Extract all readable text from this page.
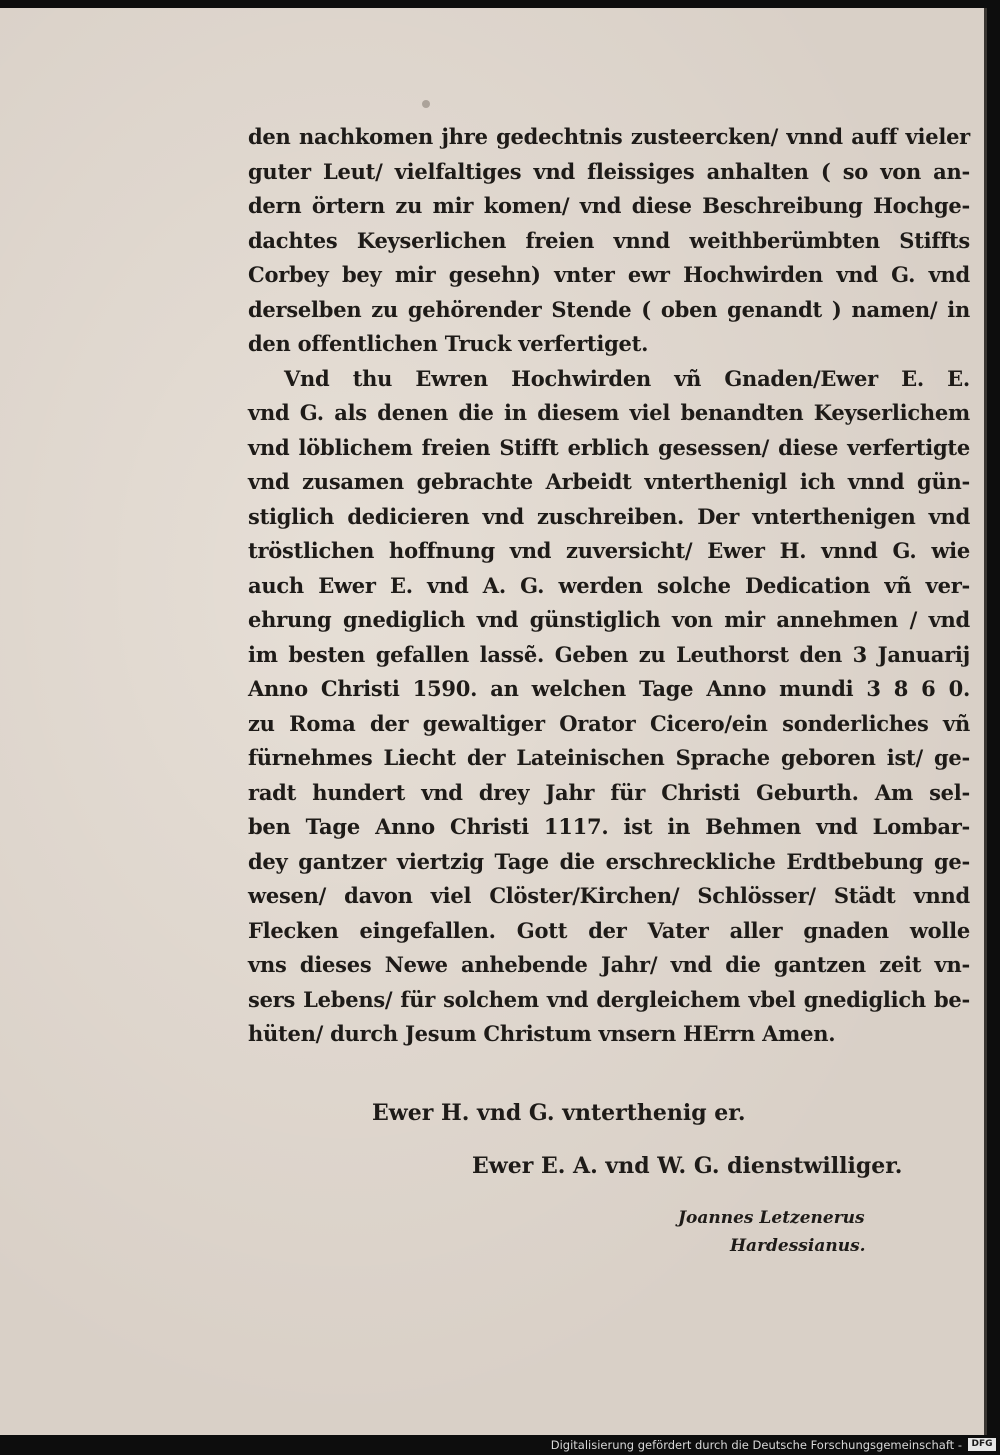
den nachkomen jhre gedechtnis zusteercken/ vnnd auff vieler
guter Leut/ vielfaltiges vnd fleissiges anhalten ( so von an-
dern örtern zu mir komen/ vnd diese Beschreibung Hochge-
dachtes Keyserlichen freien vnnd weithberümbten Stiffts
Corbey bey mir gesehn) vnter ewr Hochwirden vnd G. vnd
derselben zu gehörender Stende ( oben genandt ) namen/ in
den offentlichen Truck verfertiget.
Vnd thu Ewren Hochwirden vñ Gnaden/Ewer E. E.
vnd G. als denen die in diesem viel benandten Keyserlichem
vnd löblichem freien Stifft erblich gesessen/ diese verfertigte
vnd zusamen gebrachte Arbeidt vnterthenigl ich vnnd gün-
stiglich dedicieren vnd zuschreiben. Der vnterthenigen vnd
tröstlichen hoffnung vnd zuversicht/ Ewer H. vnnd G. wie
auch Ewer E. vnd A. G. werden solche Dedication vñ ver-
ehrung gnediglich vnd günstiglich von mir annehmen / vnd
im besten gefallen lassẽ. Geben zu Leuthorst den 3 Januarij
Anno Christi 1590. an welchen Tage Anno mundi 3 8 6 0.
zu Roma der gewaltiger Orator Cicero/ein sonderliches vñ
fürnehmes Liecht der Lateinischen Sprache geboren ist/ ge-
radt hundert vnd drey Jahr für Christi Geburth. Am sel-
ben Tage Anno Christi 1117. ist in Behmen vnd Lombar-
dey gantzer viertzig Tage die erschreckliche Erdtbebung ge-
wesen/ davon viel Clöster/Kirchen/ Schlösser/ Städt vnnd
Flecken eingefallen. Gott der Vater aller gnaden wolle
vns dieses Newe anhebende Jahr/ vnd die gantzen zeit vn-
sers Lebens/ für solchem vnd dergleichem vbel gnediglich be-
hüten/ durch Jesum Christum vnsern HErrn Amen.
Ewer H. vnd G. vnterthenig er.
Ewer E. A. vnd W. G. dienstwilliger.
Joannes Letzenerus
Hardessianus.
Digitalisierung gefördert durch die Deutsche Forschungsgemeinschaft -	DFG
